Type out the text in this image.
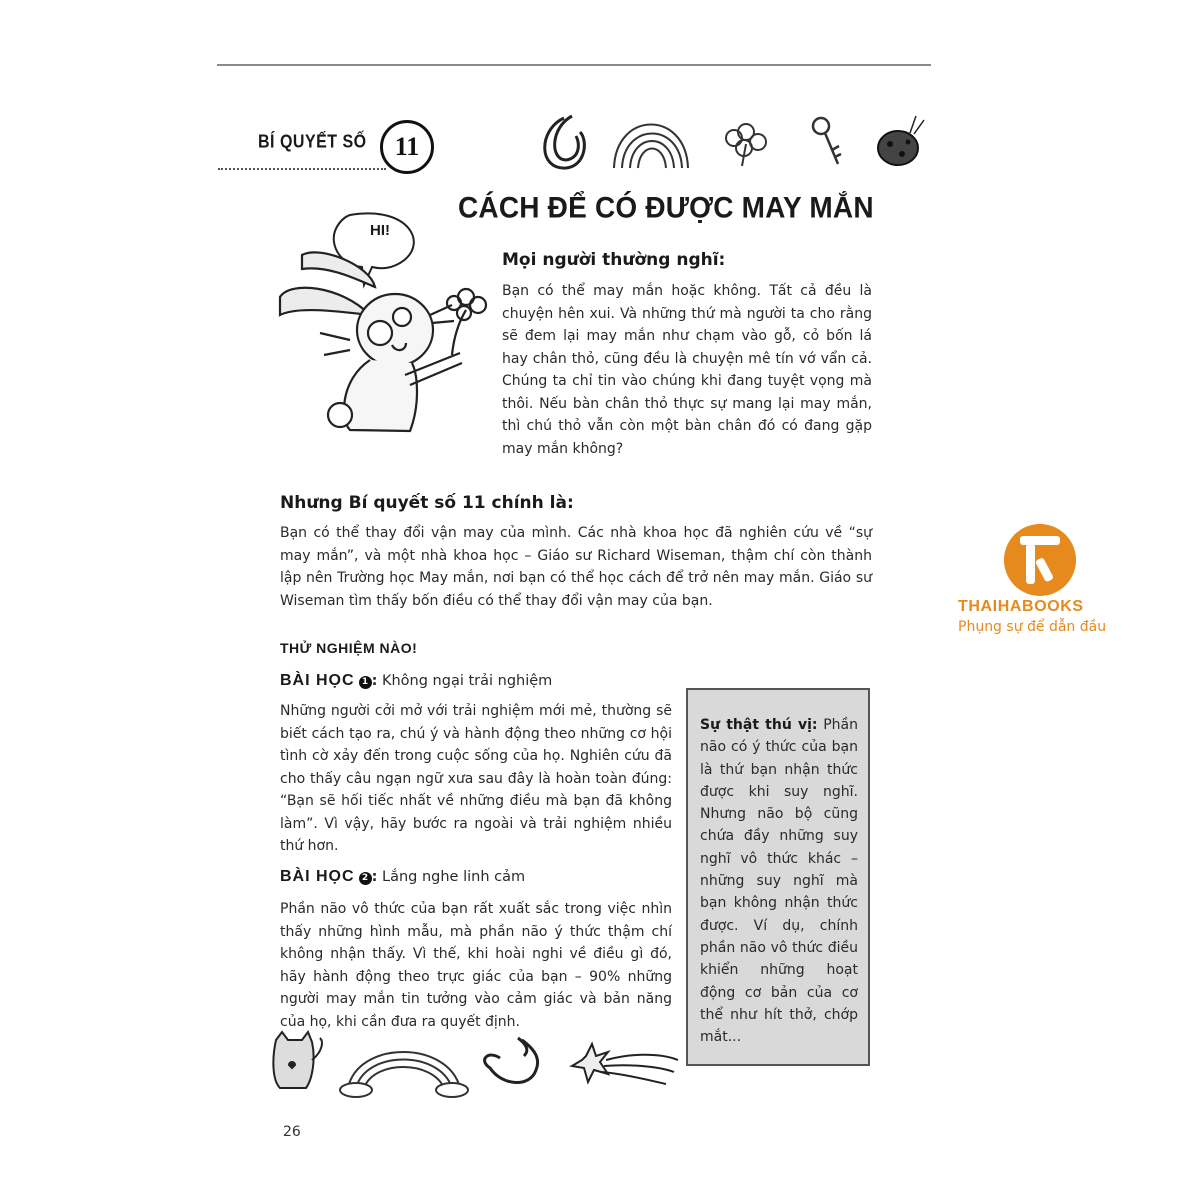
BÍ QUYẾT SỐ	11
CÁCH ĐỂ CÓ ĐƯỢC MAY MẮN
HI!
Mọi người thường nghĩ:
Bạn có thể may mắn hoặc không. Tất cả đều là chuyện hên xui. Và những thứ mà người ta cho rằng sẽ đem lại may mắn như chạm vào gỗ, cỏ bốn lá hay chân thỏ, cũng đều là chuyện mê tín vớ vẩn cả. Chúng ta chỉ tin vào chúng khi đang tuyệt vọng mà thôi. Nếu bàn chân thỏ thực sự mang lại may mắn, thì chú thỏ vẫn còn một bàn chân đó có đang gặp may mắn không?
Nhưng Bí quyết số 11 chính là:
Bạn có thể thay đổi vận may của mình. Các nhà khoa học đã nghiên cứu về “sự may mắn”, và một nhà khoa học – Giáo sư Richard Wiseman, thậm chí còn thành lập nên Trường học May mắn, nơi bạn có thể học cách để trở nên may mắn. Giáo sư Wiseman tìm thấy bốn điều có thể thay đổi vận may của bạn.
THỬ NGHIỆM NÀO!
BÀI HỌC 1 : Không ngại trải nghiệm
Những người cởi mở với trải nghiệm mới mẻ, thường sẽ biết cách tạo ra, chú ý và hành động theo những cơ hội tình cờ xảy đến trong cuộc sống của họ. Nghiên cứu đã cho thấy câu ngạn ngữ xưa sau đây là hoàn toàn đúng: “Bạn sẽ hối tiếc nhất về những điều mà bạn đã không làm”. Vì vậy, hãy bước ra ngoài và trải nghiệm nhiều thứ hơn.
BÀI HỌC 2 : Lắng nghe linh cảm
Phần não vô thức của bạn rất xuất sắc trong việc nhìn thấy những hình mẫu, mà phần não ý thức thậm chí không nhận thấy. Vì thế, khi hoài nghi về điều gì đó, hãy hành động theo trực giác của bạn – 90% những người may mắn tin tưởng vào cảm giác và bản năng của họ, khi cần đưa ra quyết định.
Sự thật thú vị: Phần não có ý thức của bạn là thứ bạn nhận thức được khi suy nghĩ. Nhưng não bộ cũng chứa đầy những suy nghĩ vô thức khác – những suy nghĩ mà bạn không nhận thức được. Ví dụ, chính phần não vô thức điều khiển những hoạt động cơ bản của cơ thể như hít thở, chớp mắt...
26
THAIHABOOKS
Phụng sự để dẫn đầu
